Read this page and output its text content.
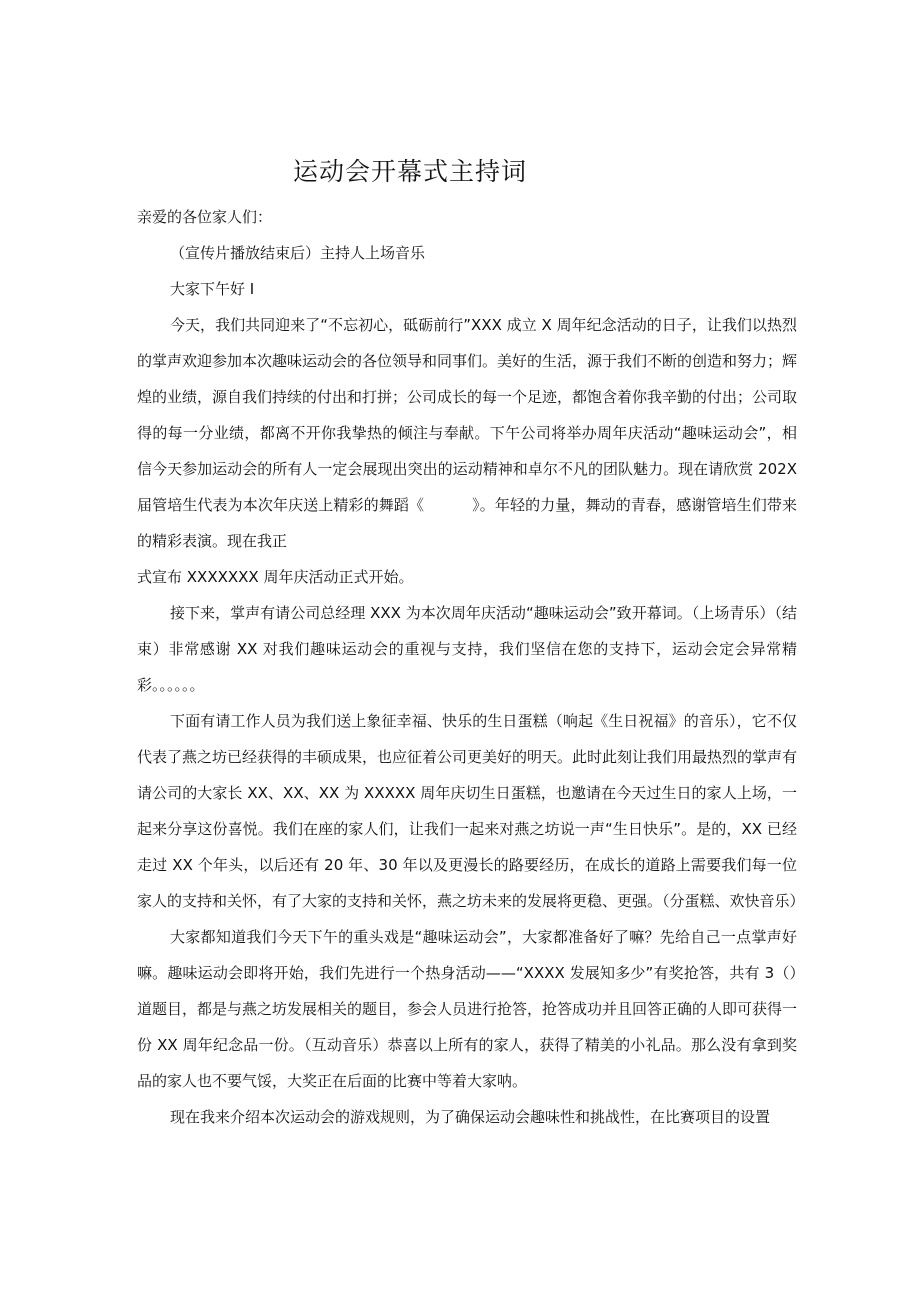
运动会开幕式主持词

亲爱的各位家人们：

（宣传片播放结束后）主持人上场音乐

大家下午好 I

今天，我们共同迎来了“不忘初心，砥砺前行”XXX 成立 X 周年纪念活动的日子，让我们以热烈的掌声欢迎参加本次趣味运动会的各位领导和同事们。美好的生活，源于我们不断的创造和努力；辉煌的业绩，源自我们持续的付出和打拼；公司成长的每一个足迹，都饱含着你我辛勤的付出；公司取得的每一分业绩，都离不开你我挚热的倾注与奉献。下午公司将举办周年庆活动“趣味运动会”，相信今天参加运动会的所有人一定会展现出突出的运动精神和卓尔不凡的团队魅力。现在请欣赏 202X 届管培生代表为本次年庆送上精彩的舞蹈《	》。年轻的力量，舞动的青春，感谢管培生们带来的精彩表演。现在我正

式宣布 XXXXXXX 周年庆活动正式开始。

接下来，掌声有请公司总经理 XXX 为本次周年庆活动“趣味运动会”致开幕词。（上场青乐）（结束）非常感谢 XX 对我们趣味运动会的重视与支持，我们坚信在您的支持下，运动会定会异常精彩。。。。。。

下面有请工作人员为我们送上象征幸福、快乐的生日蛋糕（响起《生日祝福》的音乐），它不仅代表了燕之坊已经获得的丰硕成果，也应征着公司更美好的明天。此时此刻让我们用最热烈的掌声有请公司的大家长 XX、XX、XX 为 XXXXX 周年庆切生日蛋糕，也邀请在今天过生日的家人上场，一起来分享这份喜悦。我们在座的家人们，让我们一起来对燕之坊说一声“生日快乐”。是的，XX 已经走过 XX 个年头，以后还有 20 年、30 年以及更漫长的路要经历，在成长的道路上需要我们每一位家人的支持和关怀，有了大家的支持和关怀，燕之坊未来的发展将更稳、更强。（分蛋糕、欢快音乐）

大家都知道我们今天下午的重头戏是“趣味运动会”，大家都准备好了嘛？先给自己一点掌声好嘛。趣味运动会即将开始，我们先进行一个热身活动——“XXXX 发展知多少”有奖抢答，共有 3（）道题目，都是与燕之坊发展相关的题目，参会人员进行抢答，抢答成功并且回答正确的人即可获得一份 XX 周年纪念品一份。（互动音乐）恭喜以上所有的家人，获得了精美的小礼品。那么没有拿到奖品的家人也不要气馁，大奖正在后面的比赛中等着大家呐。

现在我来介绍本次运动会的游戏规则，为了确保运动会趣味性和挑战性，在比赛项目的设置
